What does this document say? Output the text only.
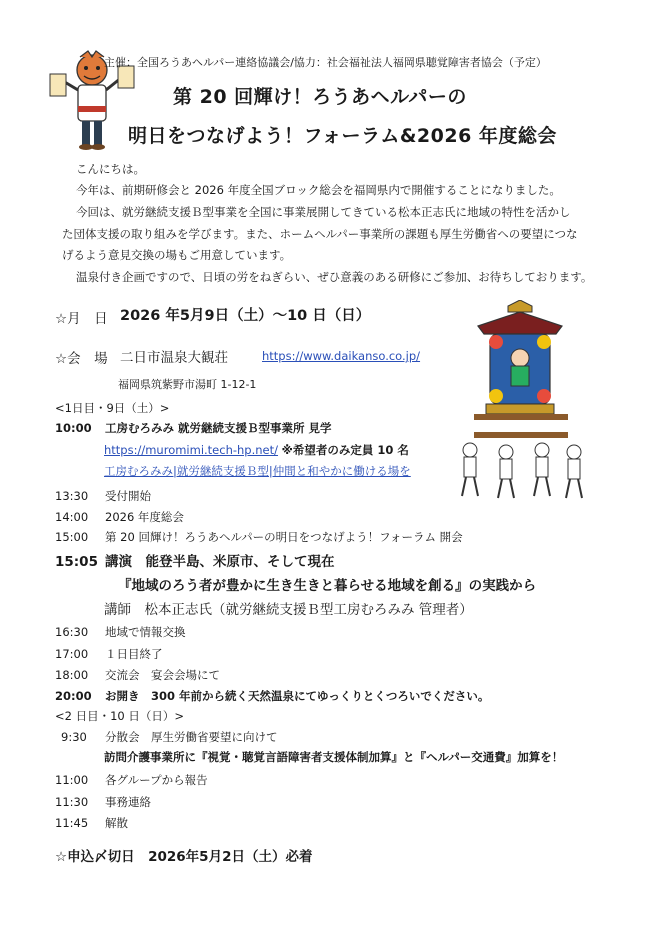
主催：全国ろうあヘルパー連絡協議会/協力：社会福祉法人福岡県聴覚障害者協会（予定）
第 20 回輝け！ろうあヘルパーの
明日をつなげよう！フォーラム&2026 年度総会
こんにちは。
今年は、前期研修会と 2026 年度全国ブロック総会を福岡県内で開催することになりました。
今回は、就労継続支援Ｂ型事業を全国に事業展開してきている松本正志氏に地域の特性を活かし
た団体支援の取り組みを学びます。また、ホームヘルパー事業所の課題も厚生労働省への要望につな
げるよう意見交換の場もご用意しています。
温泉付き企画ですので、日頃の労をねぎらい、ぜひ意義のある研修にご参加、お待ちしております。
☆月　日 2026 年5月9日（土）〜10 日（日）
☆会　場 二日市温泉大観荘	https://www.daikanso.co.jp/
福岡県筑紫野市湯町 1-12-1
<1日目・9日（土）>
10:00 工房むろみみ 就労継続支援Ｂ型事業所 見学
https://muromimi.tech-hp.net/ ※希望者のみ定員 10 名
工房むろみみ|就労継続支援Ｂ型|仲間と和やかに働ける場を
13:30 受付開始
14:00 2026 年度総会
15:00 第 20 回輝け！ろうあヘルパーの明日をつなげよう！フォーラム 開会
15:05 講演　能登半島、米原市、そして現在
『地域のろう者が豊かに生き生きと暮らせる地域を創る』の実践から
講師　松本正志氏（就労継続支援Ｂ型工房むろみみ 管理者）
16:30 地域で情報交換
17:00 １日目終了
18:00 交流会　宴会会場にて
20:00 お開き　300 年前から続く天然温泉にてゆっくりとくつろいでください。
<2 日目・10 日（日）>
9:30 分散会　厚生労働省要望に向けて
訪問介護事業所に『視覚・聴覚言語障害者支援体制加算』と『ヘルパー交通費』加算を！
11:00 各グループから報告
11:30 事務連絡
11:45 解散
☆申込〆切日　2026年5月2日（土）必着
